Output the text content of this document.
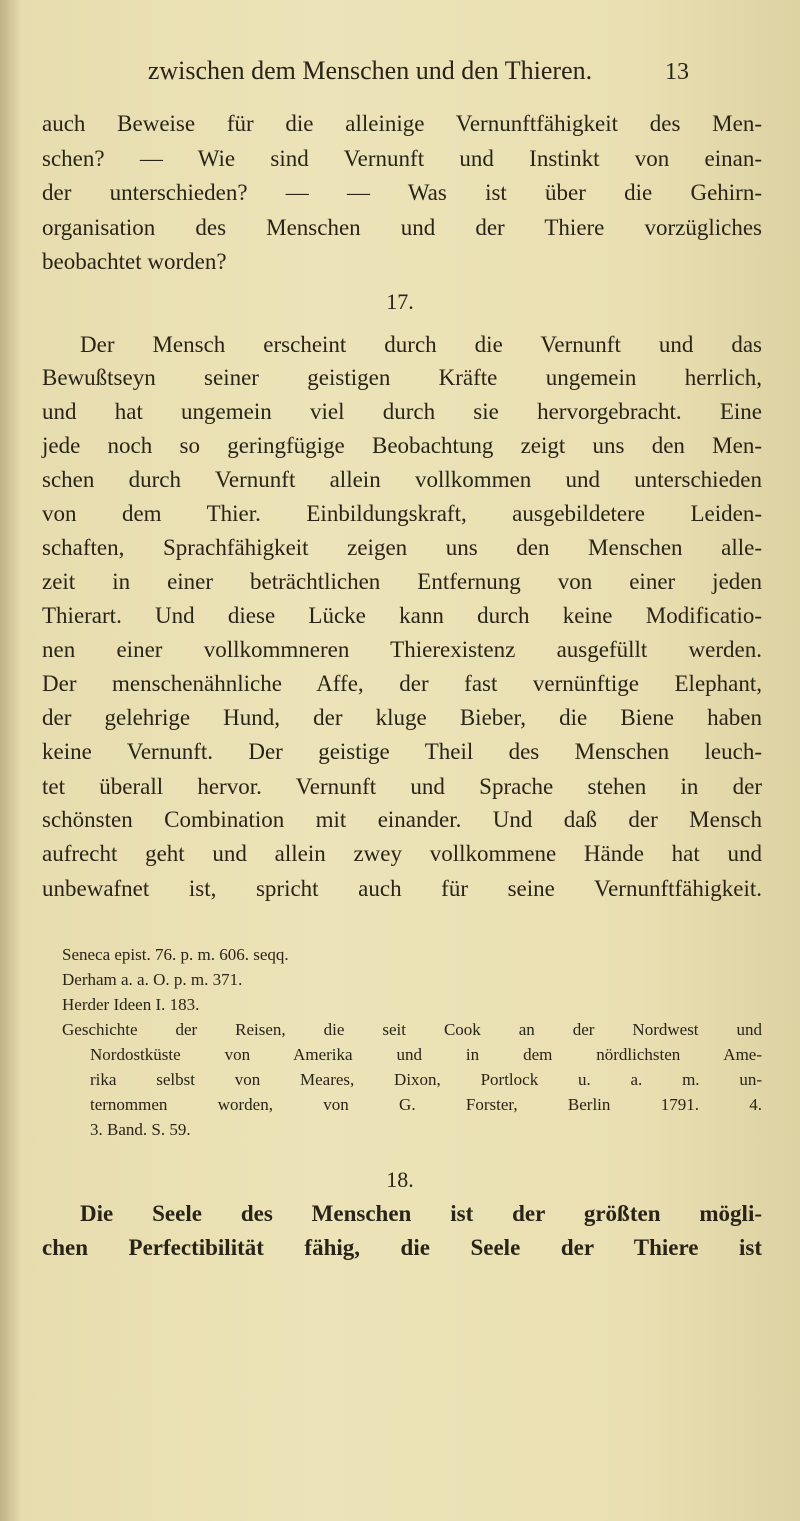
zwischen dem Menschen und den Thieren.	13
auch Beweise für die alleinige Vernunftfähigkeit des Men-
schen? — Wie sind Vernunft und Instinkt von einan-
der unterschieden? — — Was ist über die Gehirn-
organisation des Menschen und der Thiere vorzügliches
beobachtet worden?
17.
Der Mensch erscheint durch die Vernunft und das
Bewußtseyn seiner geistigen Kräfte ungemein herrlich,
und hat ungemein viel durch sie hervorgebracht. Eine
jede noch so geringfügige Beobachtung zeigt uns den Men-
schen durch Vernunft allein vollkommen und unterschieden
von dem Thier. Einbildungskraft, ausgebildetere Leiden-
schaften, Sprachfähigkeit zeigen uns den Menschen alle-
zeit in einer beträchtlichen Entfernung von einer jeden
Thierart. Und diese Lücke kann durch keine Modificatio-
nen einer vollkommneren Thierexistenz ausgefüllt werden.
Der menschenähnliche Affe, der fast vernünftige Elephant,
der gelehrige Hund, der kluge Bieber, die Biene haben
keine Vernunft. Der geistige Theil des Menschen leuch-
tet überall hervor. Vernunft und Sprache stehen in der
schönsten Combination mit einander. Und daß der Mensch
aufrecht geht und allein zwey vollkommene Hände hat und
unbewafnet ist, spricht auch für seine Vernunftfähigkeit.
Seneca epist. 76. p. m. 606. seqq.
Derham a. a. O. p. m. 371.
Herder Ideen I. 183.
Geschichte der Reisen, die seit Cook an der Nordwest und
Nordostküste von Amerika und in dem nördlichsten Ame-
rika selbst von Meares, Dixon, Portlock u. a. m. un-
ternommen worden, von G. Forster, Berlin 1791. 4.
3. Band. S. 59.
18.
Die Seele des Menschen ist der größten mögli-
chen Perfectibilität fähig, die Seele der Thiere ist
